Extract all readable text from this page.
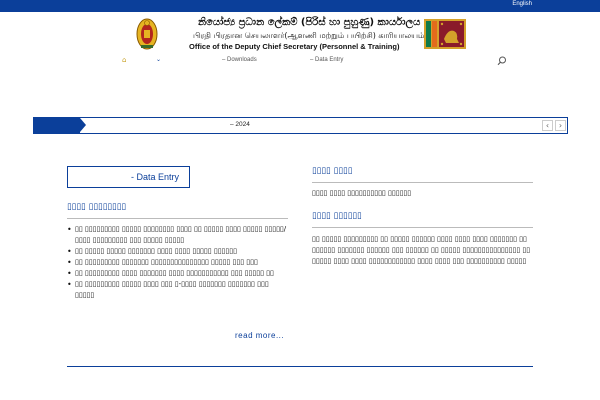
English
නියෝජ්‍ය ප්‍රධාන ලේකම් (පිරිස් හා පුහුණු) කාර්යාලය
பிரதி பிரதான செயலாளர்(ஆளணி மற்றும் பயிற்சி) காரியாலயம்
Office of the Deputy Chief Secretary (Personnel & Training)
⌂	⌄	– Downloads	– Data Entry
– 2024	‹	›
- Data Entry
▯▯▯▯ ▯▯▯▯▯▯▯▯
• ▯▯ ▯▯▯▯▯▯▯▯▯ ▯▯▯▯▯ ▯▯▯▯▯▯▯▯ ▯▯▯▯ ▯▯ ▯▯▯▯▯ ▯▯▯▯ ▯▯▯▯▯ ▯▯▯▯▯/ ▯▯▯▯ ▯▯▯▯▯▯▯▯▯ ▯▯▯ ▯▯▯▯▯ ▯▯▯▯▯
• ▯▯ ▯▯▯▯▯ ▯▯▯▯▯ ▯▯▯▯▯▯▯ ▯▯▯▯ ▯▯▯▯ ▯▯▯▯▯ ▯▯▯▯▯▯
• ▯▯ ▯▯▯▯▯▯▯▯▯ ▯▯▯▯▯▯▯ ▯▯▯▯▯▯▯▯▯▯▯▯▯▯▯ ▯▯▯▯▯ ▯▯▯ ▯▯▯
• ▯▯ ▯▯▯▯▯▯▯▯▯ ▯▯▯▯ ▯▯▯▯▯▯▯ ▯▯▯▯ ▯▯▯▯▯▯▯▯▯▯▯ ▯▯▯ ▯▯▯▯▯ ▯▯
• ▯▯ ▯▯▯▯▯▯▯▯▯ ▯▯▯▯▯ ▯▯▯▯ ▯▯▯ ▯-▯▯▯▯ ▯▯▯▯▯▯▯ ▯▯▯▯▯▯▯ ▯▯▯ ▯▯▯▯▯
read more...
▯▯▯▯ ▯▯▯▯
▯▯▯▯ ▯▯▯▯ ▯▯▯▯▯▯▯▯▯▯ ▯▯▯▯▯▯
▯▯▯▯ ▯▯▯▯▯▯
▯▯ ▯▯▯▯▯ ▯▯▯▯▯▯▯▯▯ ▯▯ ▯▯▯▯▯ ▯▯▯▯▯▯ ▯▯▯▯ ▯▯▯▯ ▯▯▯▯ ▯▯▯▯▯▯▯ ▯▯ ▯▯▯▯▯▯ ▯▯▯▯▯▯▯ ▯▯▯▯▯▯ ▯▯▯ ▯▯▯▯▯▯ ▯▯ ▯▯▯▯▯ ▯▯▯▯▯▯▯▯▯▯▯▯▯▯▯ ▯▯ ▯▯▯▯▯ ▯▯▯▯ ▯▯▯▯ ▯▯▯▯▯▯▯▯▯▯▯▯ ▯▯▯▯ ▯▯▯▯ ▯▯▯ ▯▯▯▯▯▯▯▯▯▯ ▯▯▯▯▯
